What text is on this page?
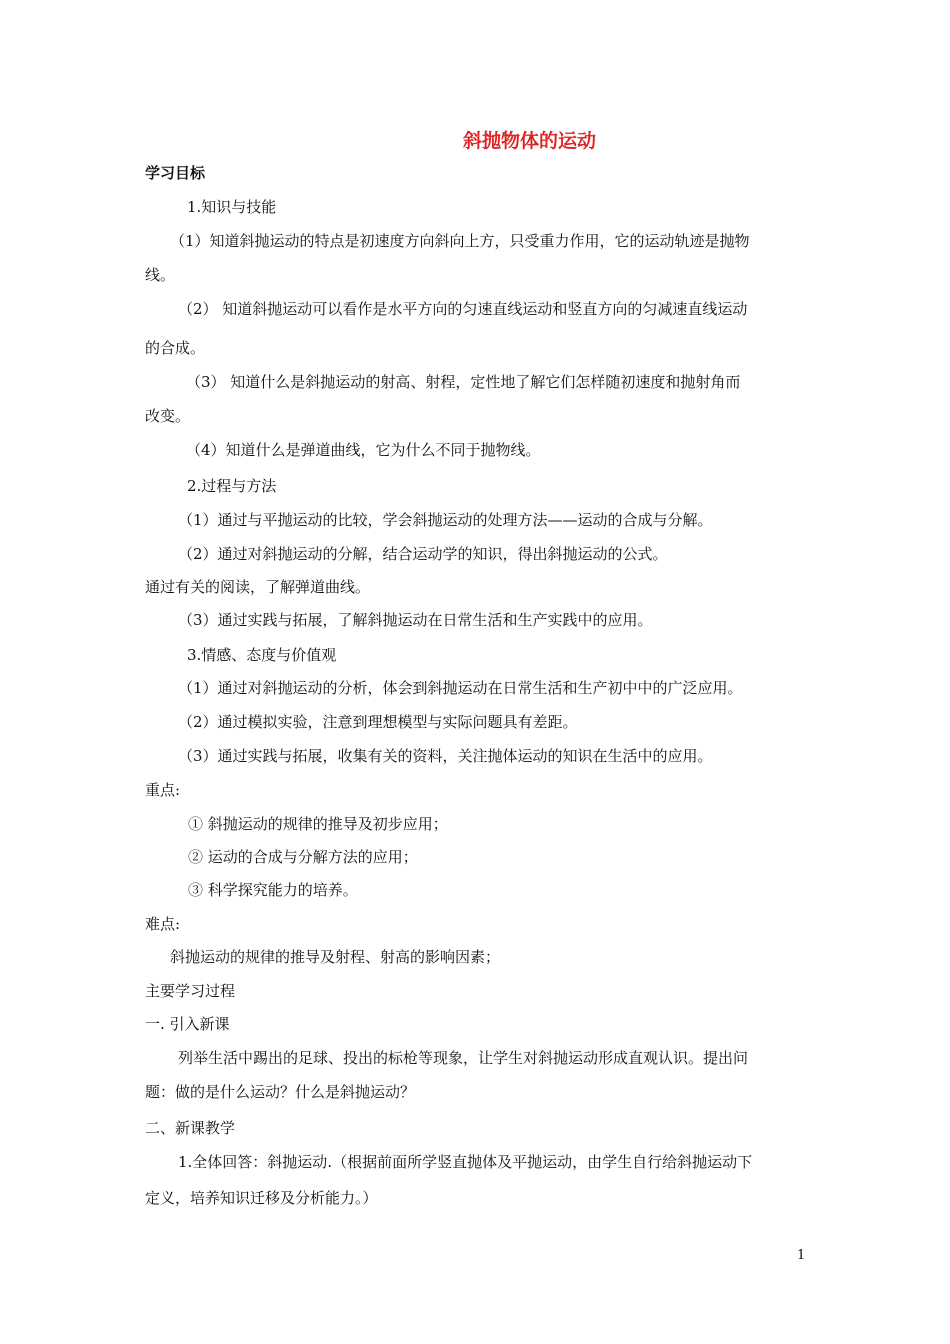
斜抛物体的运动
学习目标
1.知识与技能
（1）知道斜抛运动的特点是初速度方向斜向上方，只受重力作用，它的运动轨迹是抛物
线。
（2） 知道斜抛运动可以看作是水平方向的匀速直线运动和竖直方向的匀减速直线运动
的合成。
（3） 知道什么是斜抛运动的射高、射程，定性地了解它们怎样随初速度和抛射角而
改变。
（4）知道什么是弹道曲线，它为什么不同于抛物线。
2.过程与方法
（1）通过与平抛运动的比较，学会斜抛运动的处理方法——运动的合成与分解。
（2）通过对斜抛运动的分解，结合运动学的知识，得出斜抛运动的公式。
通过有关的阅读，了解弹道曲线。
（3）通过实践与拓展，了解斜抛运动在日常生活和生产实践中的应用。
3.情感、态度与价值观
（1）通过对斜抛运动的分析，体会到斜抛运动在日常生活和生产初中中的广泛应用。
（2）通过模拟实验，注意到理想模型与实际问题具有差距。
（3）通过实践与拓展，收集有关的资料，关注抛体运动的知识在生活中的应用。
重点:
① 斜抛运动的规律的推导及初步应用；
② 运动的合成与分解方法的应用；
③ 科学探究能力的培养。
难点:
斜抛运动的规律的推导及射程、射高的影响因素；
主要学习过程
一. 引入新课
列举生活中踢出的足球、投出的标枪等现象，让学生对斜抛运动形成直观认识。提出问
题：做的是什么运动？什么是斜抛运动？
二、新课教学
1.全体回答：斜抛运动.（根据前面所学竖直抛体及平抛运动，由学生自行给斜抛运动下
定义，培养知识迁移及分析能力。）
1
